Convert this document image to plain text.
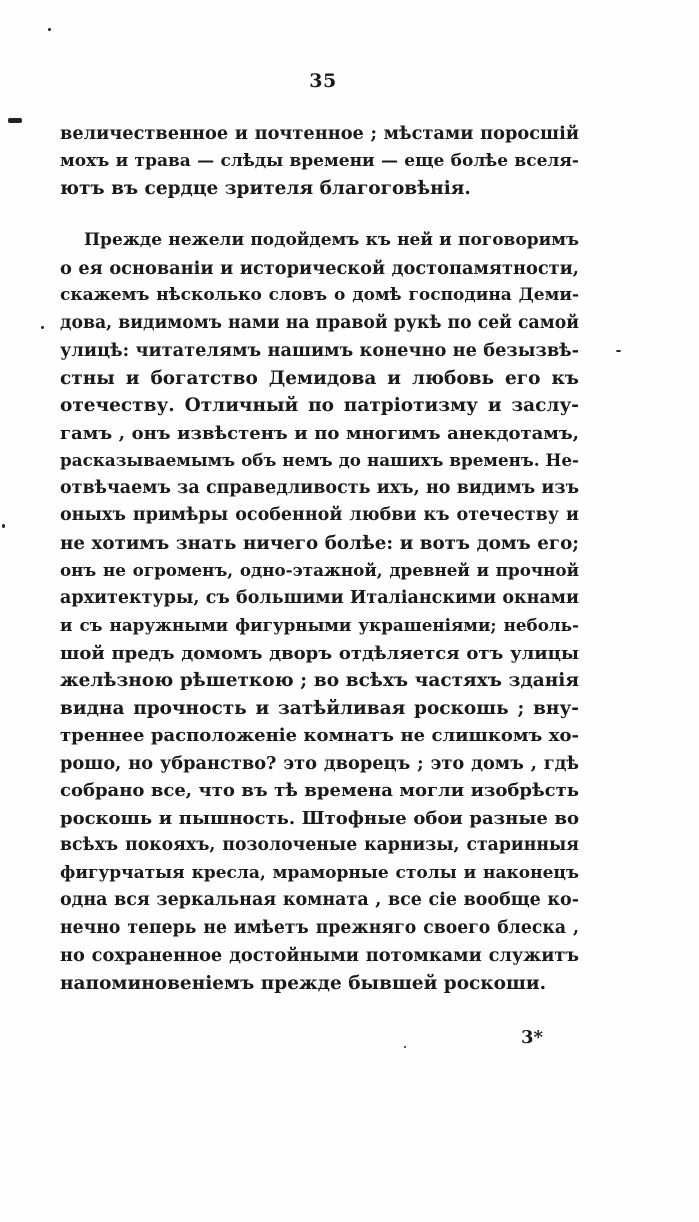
35
величественное и почтенное ; мѣстами поросшій
мохъ и трава — слѣды времени — еще болѣе вселя-
ютъ въ сердце зрителя благоговѣнія.
Прежде нежели подойдемъ къ ней и поговоримъ
о ея основаніи и исторической достопамятности,
скажемъ нѣсколько словъ о домѣ господина Деми-
дова, видимомъ нами на правой рукѣ по сей самой
улицѣ: читателямъ нашимъ конечно не безызвѣ-
стны и богатство Демидова и любовь его къ
отечеству. Отличный по патріотизму и заслу-
гамъ , онъ извѣстенъ и по многимъ анекдотамъ,
расказываемымъ объ немъ до нашихъ временъ. Не-
отвѣчаемъ за справедливость ихъ, но видимъ изъ
оныхъ примѣры особенной любви къ отечеству и
не хотимъ знать ничего болѣе: и вотъ домъ его;
онъ не огроменъ, одно-этажной, древней и прочной
архитектуры, съ большими Италіанскими окнами
и съ наружными фигурными украшеніями; неболь-
шой предъ домомъ дворъ отдѣляется отъ улицы
желѣзною рѣшеткою ; во всѣхъ частяхъ зданія
видна прочность и затѣйливая роскошь ; вну-
треннее расположеніе комнатъ не слишкомъ хо-
рошо, но убранство? это дворецъ ; это домъ , гдѣ
собрано все, что въ тѣ времена могли изобрѣсть
роскошь и пышность. Штофные обои разные во
всѣхъ покояхъ, позолоченые карнизы, старинныя
фигурчатыя кресла, мраморные столы и наконецъ
одна вся зеркальная комната , все сіе вообще ко-
нечно теперь не имѣетъ прежняго своего блеска ,
но сохраненное достойными потомками служитъ
напоминовеніемъ прежде бывшей роскоши.
3*
